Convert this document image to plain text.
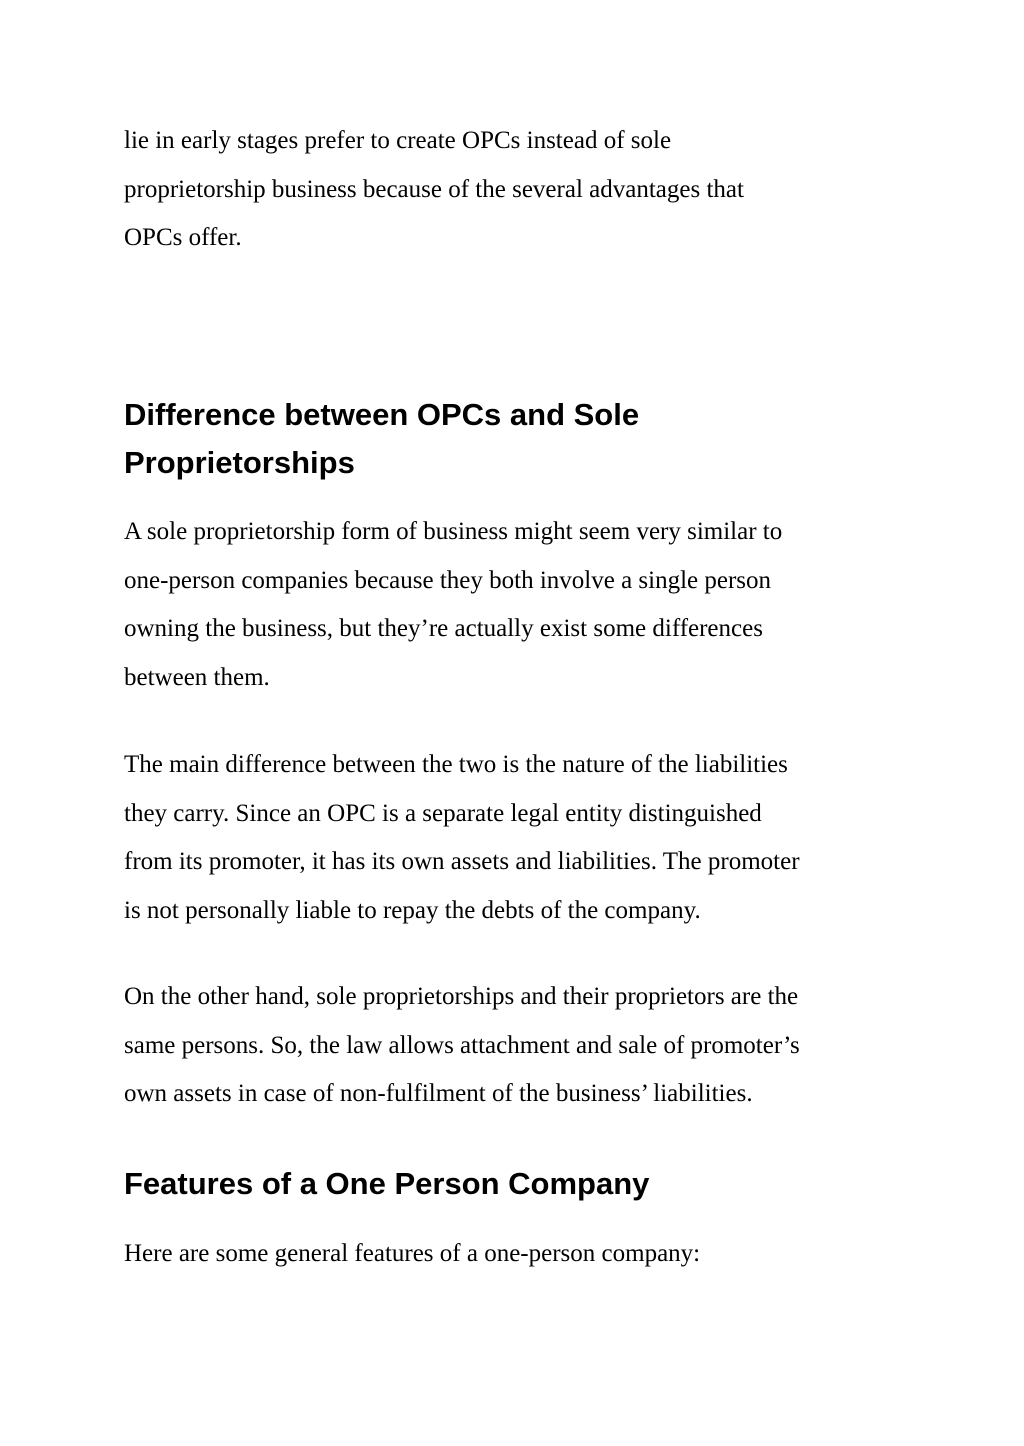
lie in early stages prefer to create OPCs instead of sole
proprietorship business because of the several advantages that
OPCs offer.

Difference between OPCs and Sole
Proprietorships

A sole proprietorship form of business might seem very similar to
one-person companies because they both involve a single person
owning the business, but they’re actually exist some differences
between them.

The main difference between the two is the nature of the liabilities
they carry. Since an OPC is a separate legal entity distinguished
from its promoter, it has its own assets and liabilities. The promoter
is not personally liable to repay the debts of the company.

On the other hand, sole proprietorships and their proprietors are the
same persons. So, the law allows attachment and sale of promoter’s
own assets in case of non-fulfilment of the business’ liabilities.

Features of a One Person Company

Here are some general features of a one-person company:
